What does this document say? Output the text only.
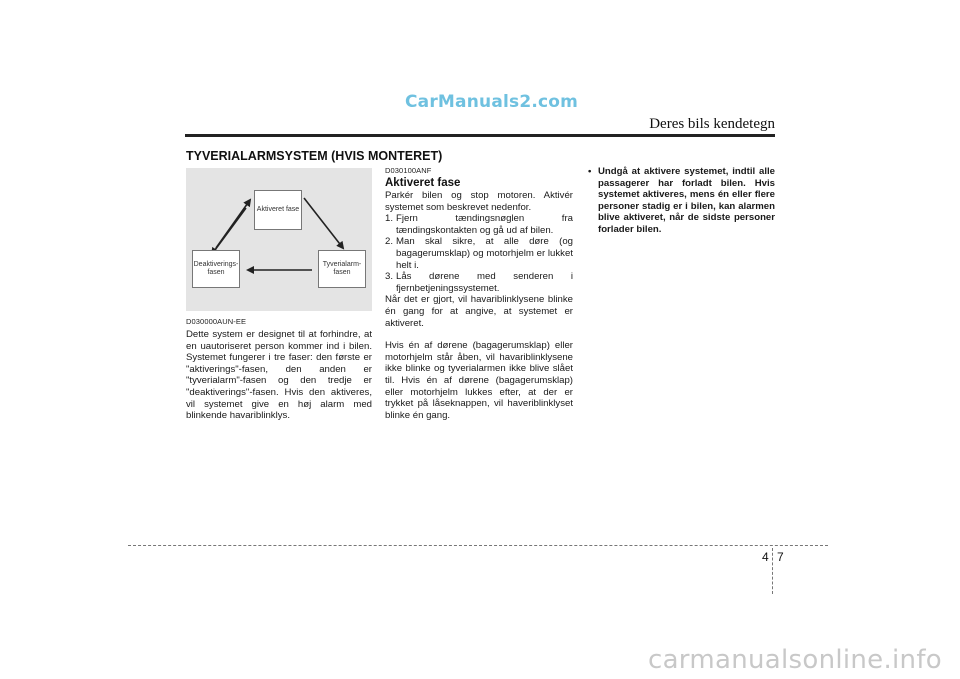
CarManuals2.com
Deres bils kendetegn
TYVERIALARMSYSTEM (HVIS MONTERET)
Aktiveret fase
Deaktiverings-
fasen
Tyverialarm-
fasen
D030000AUN-EE

Dette system er designet til at forhindre, at en uautoriseret person kommer ind i bilen. Systemet fungerer i tre faser: den første er "aktiverings"-fasen, den anden er "tyverialarm"-fasen og den tredje er "deaktiverings"-fasen. Hvis den aktiveres, vil systemet give en høj alarm med blinkende havariblinklys.

D030100ANF
Aktiveret fase

Parkér bilen og stop motoren. Aktivér systemet som beskrevet nedenfor.

1. Fjern tændingsnøglen fra tændingskontakten og gå ud af bilen.
2. Man skal sikre, at alle døre (og bagagerumsklap) og motorhjelm er lukket helt i.
3. Lås dørene med senderen i fjernbetjeningssystemet.

Når det er gjort, vil havariblinklysene blinke én gang for at angive, at systemet er aktiveret.

Hvis én af dørene (bagagerumsklap) eller motorhjelm står åben, vil havariblinklysene ikke blinke og tyverialarmen ikke blive slået til. Hvis én af dørene (bagagerumsklap) eller motorhjelm lukkes efter, at der er trykket på låseknappen, vil haveriblinklyset blinke én gang.

• Undgå at aktivere systemet, indtil alle passagerer har forladt bilen. Hvis systemet aktiveres, mens én eller flere personer stadig er i bilen, kan alarmen blive aktiveret, når de sidste personer forlader bilen.
4 7
carmanualsonline.info
